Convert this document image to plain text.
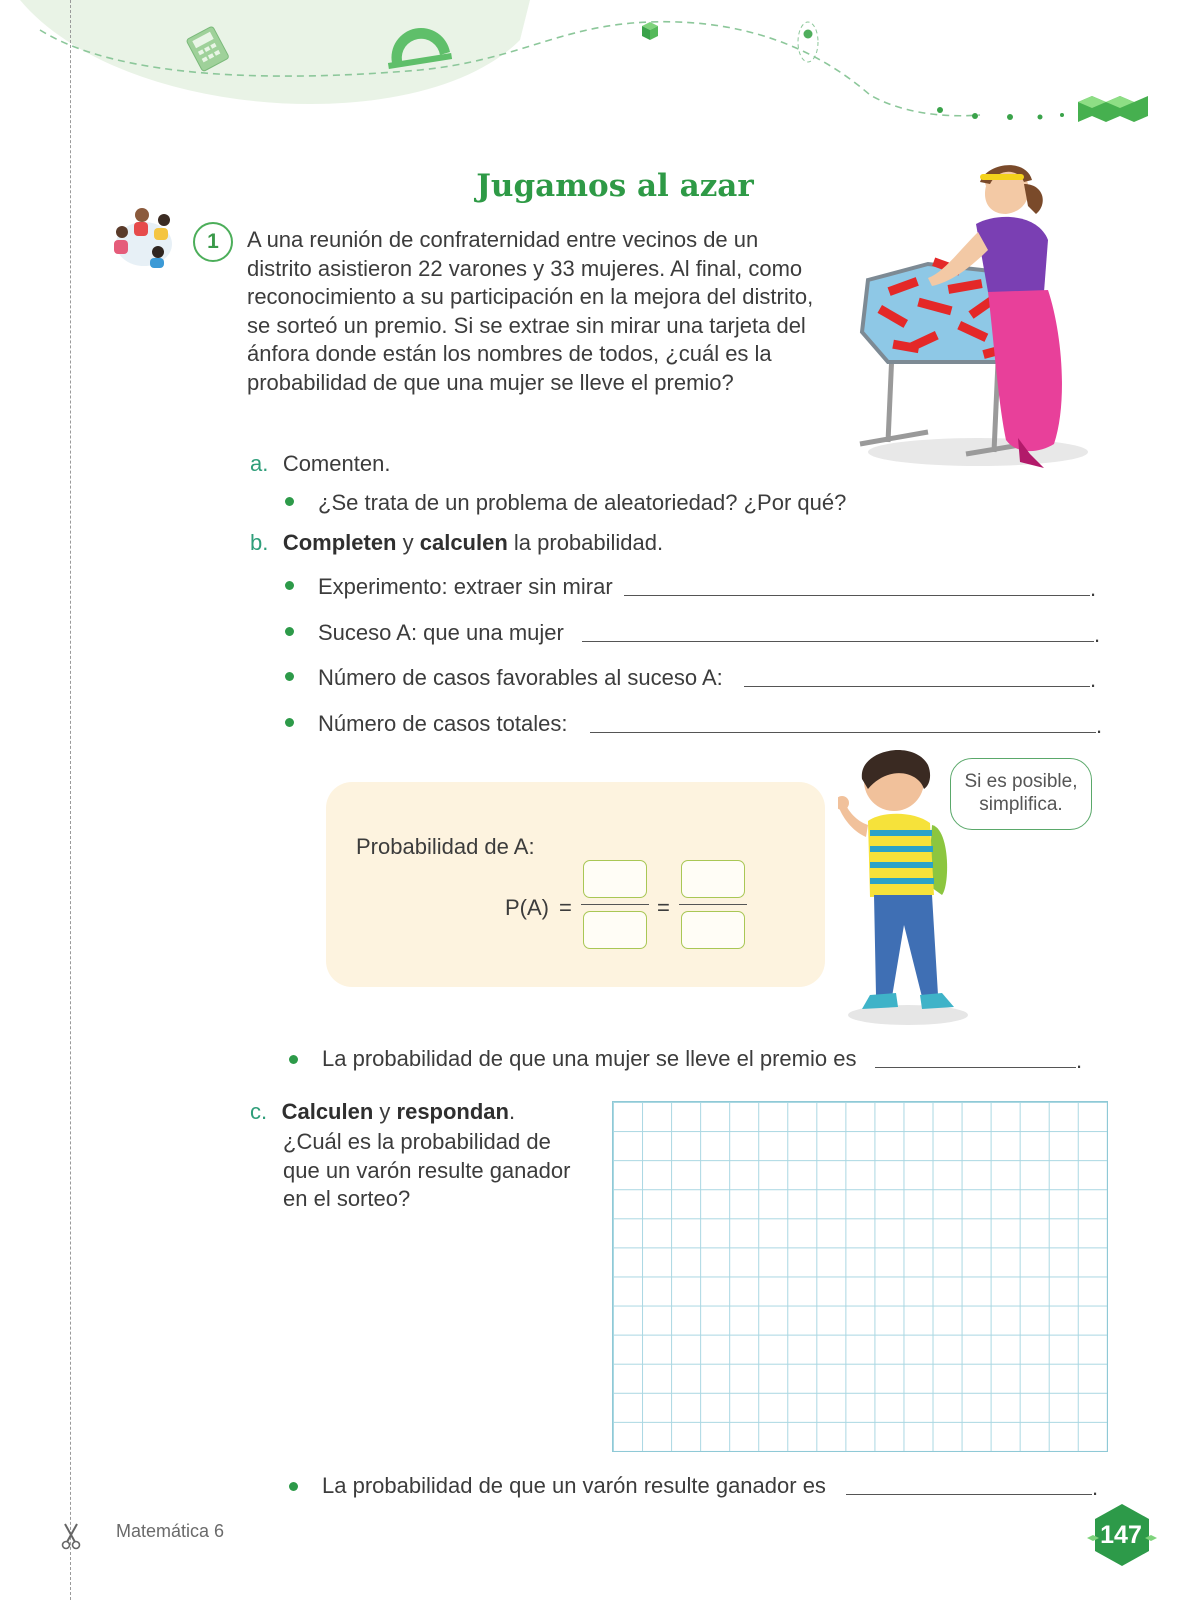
Jugamos al azar
1	A una reunión de confraternidad entre vecinos de un distrito asistieron 22 varones y 33 mujeres. Al final, como reconocimiento a su participación en la mejora del distrito, se sorteó un premio. Si se extrae sin mirar una tarjeta del ánfora donde están los nombres de todos, ¿cuál es la probabilidad de que una mujer se lleve el premio?
a. Comenten.
¿Se trata de un problema de aleatoriedad? ¿Por qué?
b. Completen y calculen la probabilidad.
Experimento: extraer sin mirar	.
Suceso A: que una mujer	.
Número de casos favorables al suceso A:	.
Número de casos totales:	.
Probabilidad de A:
P(A) =	=
Si es posible, simplifica.
La probabilidad de que una mujer se lleve el premio es	.
c. Calculen y respondan.
¿Cuál es la probabilidad de que un varón resulte ganador en el sorteo?
La probabilidad de que un varón resulte ganador es	.
Matemática 6	147
